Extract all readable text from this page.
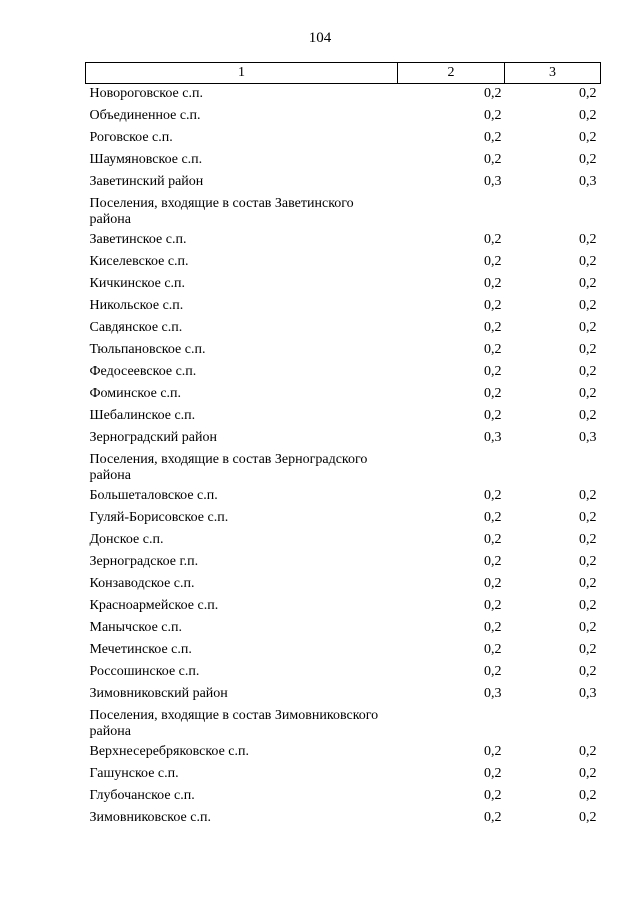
104
1	2	3
Новороговское с.п.	0,2	0,2
Объединенное с.п.	0,2	0,2
Роговское с.п.	0,2	0,2
Шаумяновское с.п.	0,2	0,2
Заветинский район	0,3	0,3
Поселения, входящие в состав Заветинского района		
Заветинское с.п.	0,2	0,2
Киселевское с.п.	0,2	0,2
Кичкинское с.п.	0,2	0,2
Никольское с.п.	0,2	0,2
Савдянское с.п.	0,2	0,2
Тюльпановское с.п.	0,2	0,2
Федосеевское с.п.	0,2	0,2
Фоминское с.п.	0,2	0,2
Шебалинское с.п.	0,2	0,2
Зерноградский район	0,3	0,3
Поселения, входящие в состав Зерноградского района		
Большеталовское с.п.	0,2	0,2
Гуляй-Борисовское с.п.	0,2	0,2
Донское с.п.	0,2	0,2
Зерноградское г.п.	0,2	0,2
Конзаводское с.п.	0,2	0,2
Красноармейское с.п.	0,2	0,2
Манычское с.п.	0,2	0,2
Мечетинское с.п.	0,2	0,2
Россошинское с.п.	0,2	0,2
Зимовниковский район	0,3	0,3
Поселения, входящие в состав Зимовниковского района		
Верхнесеребряковское с.п.	0,2	0,2
Гашунское с.п.	0,2	0,2
Глубочанское с.п.	0,2	0,2
Зимовниковское с.п.	0,2	0,2
